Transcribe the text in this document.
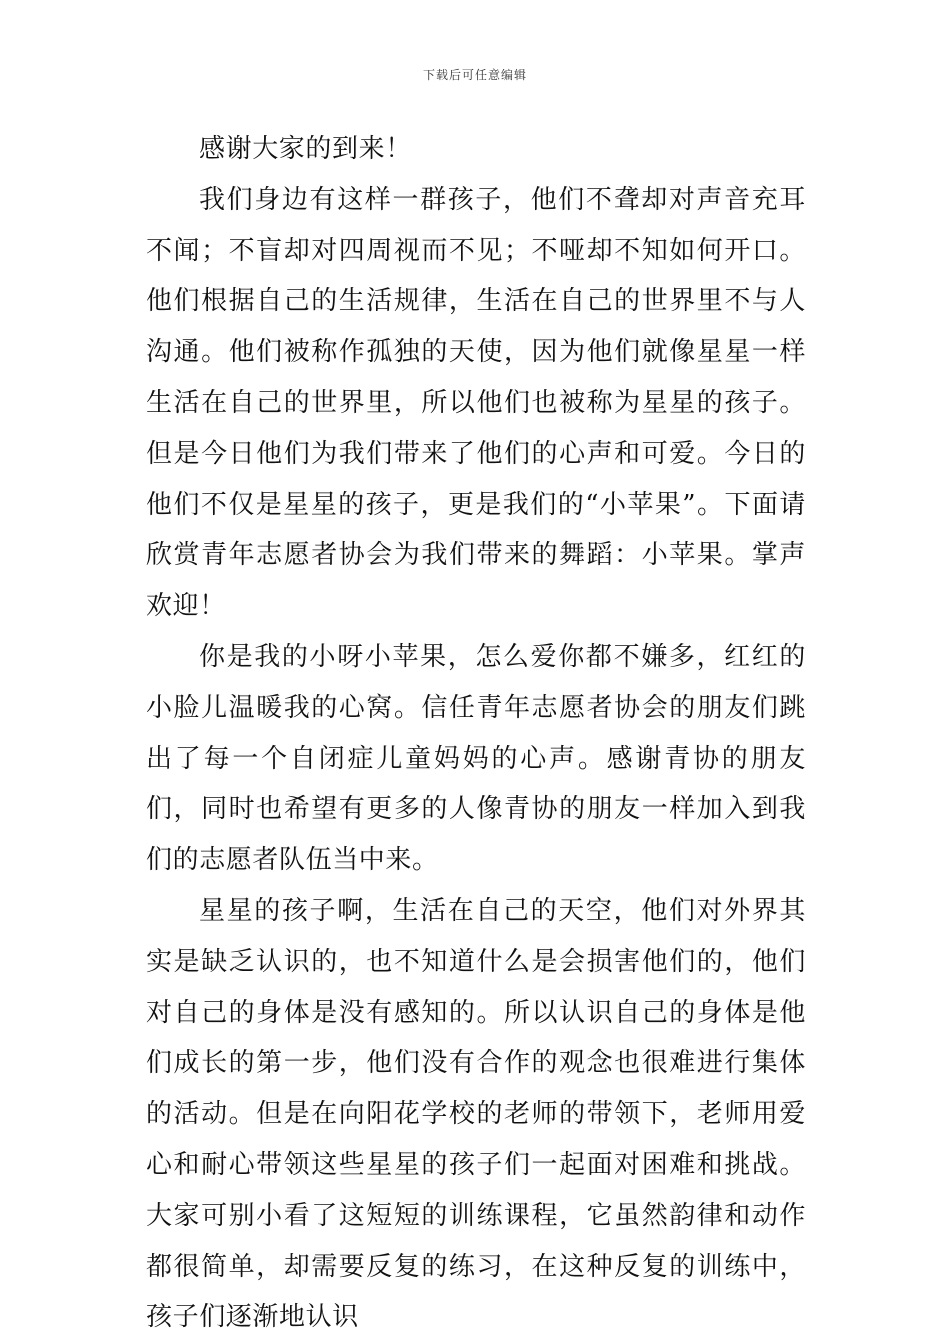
下载后可任意编辑

感谢大家的到来！

我们身边有这样一群孩子，他们不聋却对声音充耳不闻；不盲却对四周视而不见；不哑却不知如何开口。他们根据自己的生活规律，生活在自己的世界里不与人沟通。他们被称作孤独的天使，因为他们就像星星一样生活在自己的世界里，所以他们也被称为星星的孩子。但是今日他们为我们带来了他们的心声和可爱。今日的他们不仅是星星的孩子，更是我们的“小苹果”。下面请欣赏青年志愿者协会为我们带来的舞蹈：小苹果。掌声欢迎！

你是我的小呀小苹果，怎么爱你都不嫌多，红红的小脸儿温暖我的心窝。信任青年志愿者协会的朋友们跳出了每一个自闭症儿童妈妈的心声。感谢青协的朋友们，同时也希望有更多的人像青协的朋友一样加入到我们的志愿者队伍当中来。

星星的孩子啊，生活在自己的天空，他们对外界其实是缺乏认识的，也不知道什么是会损害他们的，他们对自己的身体是没有感知的。所以认识自己的身体是他们成长的第一步，他们没有合作的观念也很难进行集体的活动。但是在向阳花学校的老师的带领下，老师用爱心和耐心带领这些星星的孩子们一起面对困难和挑战。大家可别小看了这短短的训练课程，它虽然韵律和动作都很简单，却需要反复的练习，在这种反复的训练中，孩子们逐渐地认识
